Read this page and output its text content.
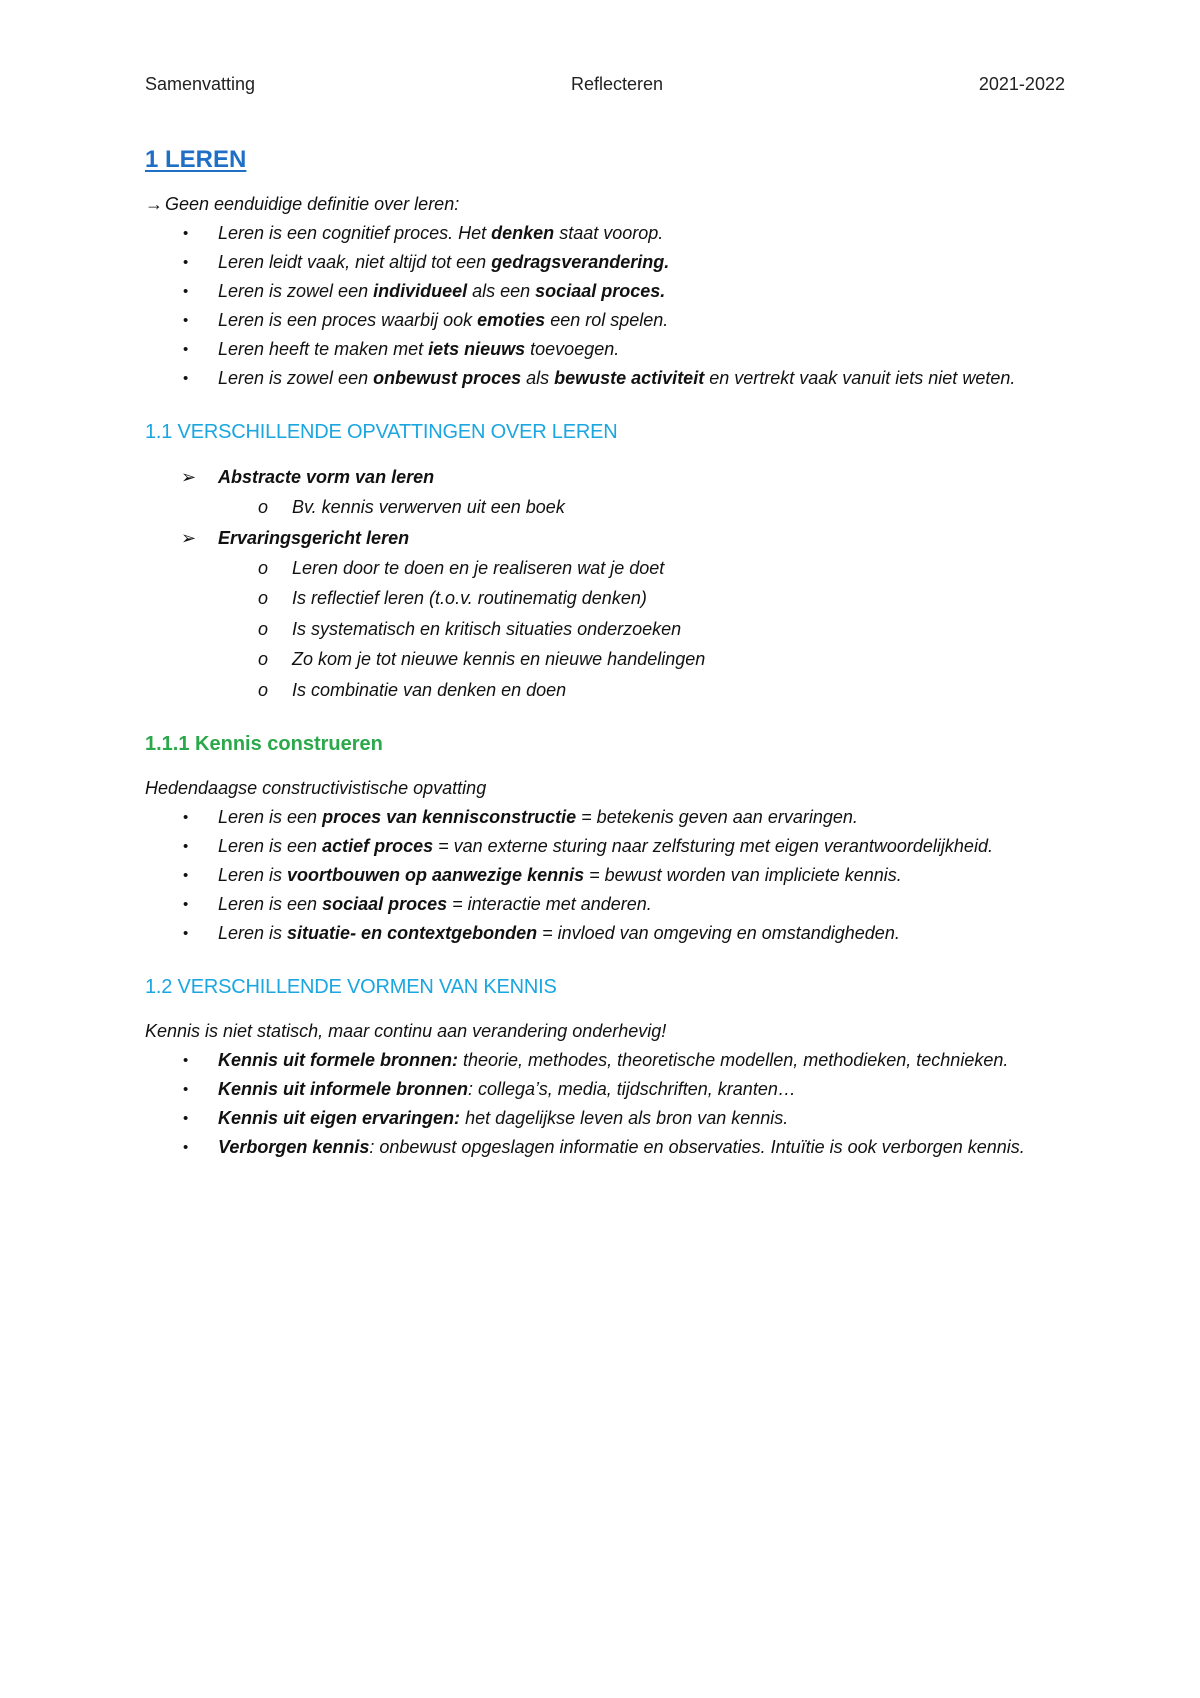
Samenvatting	Reflecteren	2021-2022
1 LEREN
→ Geen eenduidige definitie over leren:
• Leren is een cognitief proces. Het denken staat voorop.
• Leren leidt vaak, niet altijd tot een gedragsverandering.
• Leren is zowel een individueel als een sociaal proces.
• Leren is een proces waarbij ook emoties een rol spelen.
• Leren heeft te maken met iets nieuws toevoegen.
• Leren is zowel een onbewust proces als bewuste activiteit en vertrekt vaak vanuit iets niet weten.
1.1 VERSCHILLENDE OPVATTINGEN OVER LEREN
➢ Abstracte vorm van leren
o Bv. kennis verwerven uit een boek
➢ Ervaringsgericht leren
o Leren door te doen en je realiseren wat je doet
o Is reflectief leren (t.o.v. routinematig denken)
o Is systematisch en kritisch situaties onderzoeken
o Zo kom je tot nieuwe kennis en nieuwe handelingen
o Is combinatie van denken en doen
1.1.1 Kennis construeren
Hedendaagse constructivistische opvatting
• Leren is een proces van kennisconstructie = betekenis geven aan ervaringen.
• Leren is een actief proces = van externe sturing naar zelfsturing met eigen verantwoordelijkheid.
• Leren is voortbouwen op aanwezige kennis = bewust worden van impliciete kennis.
• Leren is een sociaal proces = interactie met anderen.
• Leren is situatie- en contextgebonden = invloed van omgeving en omstandigheden.
1.2 VERSCHILLENDE VORMEN VAN KENNIS
Kennis is niet statisch, maar continu aan verandering onderhevig!
• Kennis uit formele bronnen: theorie, methodes, theoretische modellen, methodieken, technieken.
• Kennis uit informele bronnen: collega’s, media, tijdschriften, kranten…
• Kennis uit eigen ervaringen: het dagelijkse leven als bron van kennis.
• Verborgen kennis: onbewust opgeslagen informatie en observaties. Intuïtie is ook verborgen kennis.
